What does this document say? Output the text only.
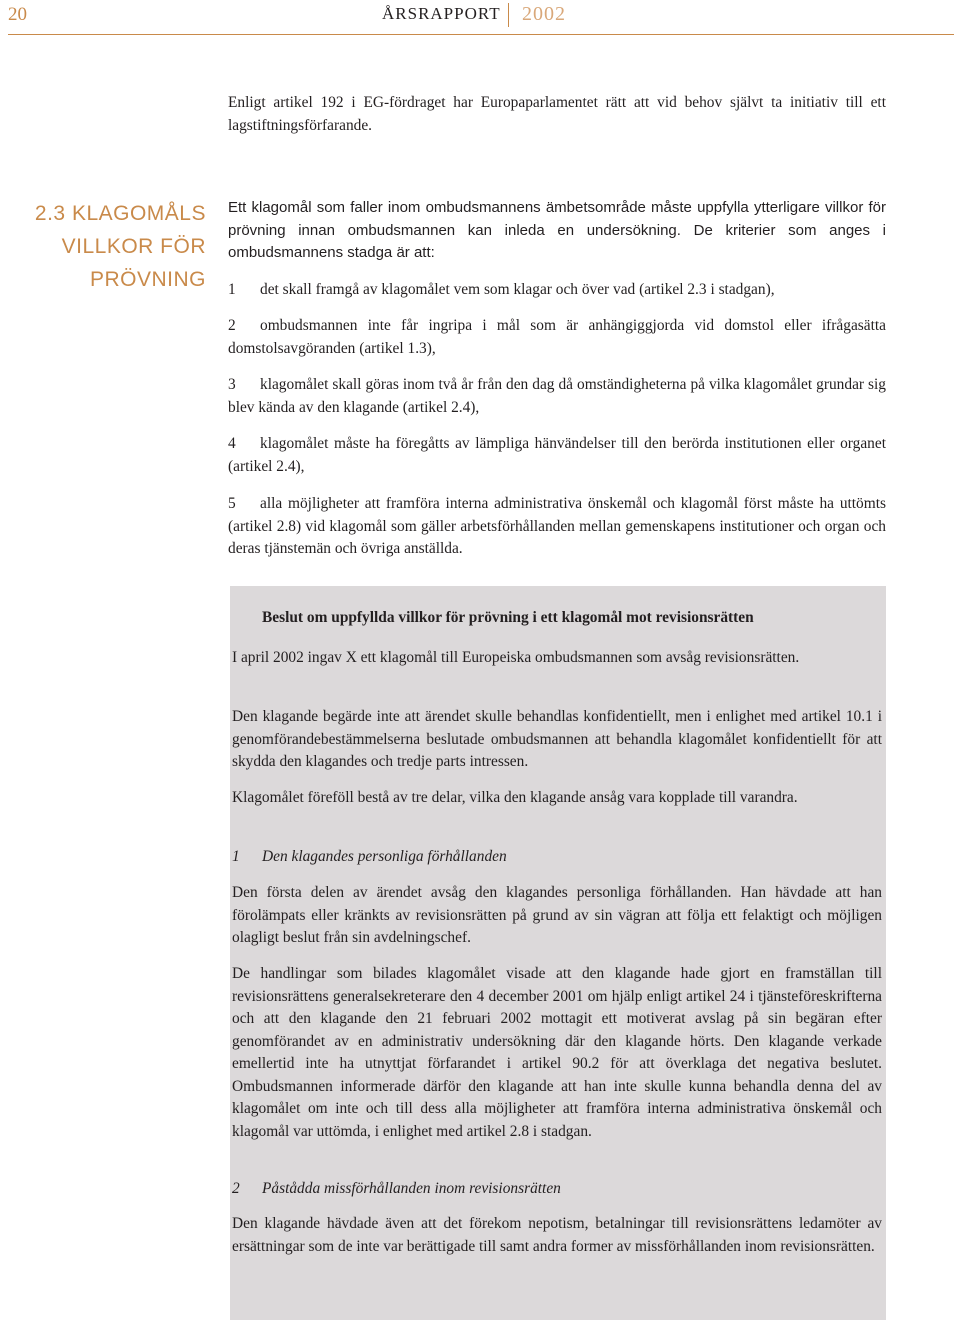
20	ÅRSRAPPORT 2002

Enligt artikel 192 i EG-fördraget har Europaparlamentet rätt att vid behov självt ta initiativ till ett lagstiftningsförfarande.

2.3 KLAGOMÅLS
VILLKOR FÖR
PRÖVNING

Ett klagomål som faller inom ombudsmannens ämbetsområde måste uppfylla ytterligare villkor för prövning innan ombudsmannen kan inleda en undersökning. De kriterier som anges i ombudsmannens stadga är att:

1 det skall framgå av klagomålet vem som klagar och över vad (artikel 2.3 i stadgan),

2 ombudsmannen inte får ingripa i mål som är anhängiggjorda vid domstol eller ifrågasätta domstolsavgöranden (artikel 1.3),

3 klagomålet skall göras inom två år från den dag då omständigheterna på vilka klagomålet grundar sig blev kända av den klagande (artikel 2.4),

4 klagomålet måste ha föregåtts av lämpliga hänvändelser till den berörda institutionen eller organet (artikel 2.4),

5 alla möjligheter att framföra interna administrativa önskemål och klagomål först måste ha uttömts (artikel 2.8) vid klagomål som gäller arbetsförhållanden mellan gemenskapens institutioner och organ och deras tjänstemän och övriga anställda.

Beslut om uppfyllda villkor för prövning i ett klagomål mot revisionsrätten

I april 2002 ingav X ett klagomål till Europeiska ombudsmannen som avsåg revisionsrätten.

Den klagande begärde inte att ärendet skulle behandlas konfidentiellt, men i enlighet med artikel 10.1 i genomförandebestämmelserna beslutade ombudsmannen att behandla klagomålet konfidentiellt för att skydda den klagandes och tredje parts intressen.

Klagomålet föreföll bestå av tre delar, vilka den klagande ansåg vara kopplade till varandra.

1 Den klagandes personliga förhållanden

Den första delen av ärendet avsåg den klagandes personliga förhållanden. Han hävdade att han förolämpats eller kränkts av revisionsrätten på grund av sin vägran att följa ett felaktigt och möjligen olagligt beslut från sin avdelningschef.

De handlingar som bilades klagomålet visade att den klagande hade gjort en framställan till revisionsrättens generalsekreterare den 4 december 2001 om hjälp enligt artikel 24 i tjänsteföreskrifterna och att den klagande den 21 februari 2002 mottagit ett motiverat avslag på sin begäran efter genomförandet av en administrativ undersökning där den klagande hörts. Den klagande verkade emellertid inte ha utnyttjat förfarandet i artikel 90.2 för att överklaga det negativa beslutet. Ombudsmannen informerade därför den klagande att han inte skulle kunna behandla denna del av klagomålet om inte och till dess alla möjligheter att framföra interna administrativa önskemål och klagomål var uttömda, i enlighet med artikel 2.8 i stadgan.

2 Påstådda missförhållanden inom revisionsrätten

Den klagande hävdade även att det förekom nepotism, betalningar till revisionsrättens ledamöter av ersättningar som de inte var berättigade till samt andra former av missförhållanden inom revisionsrätten.
